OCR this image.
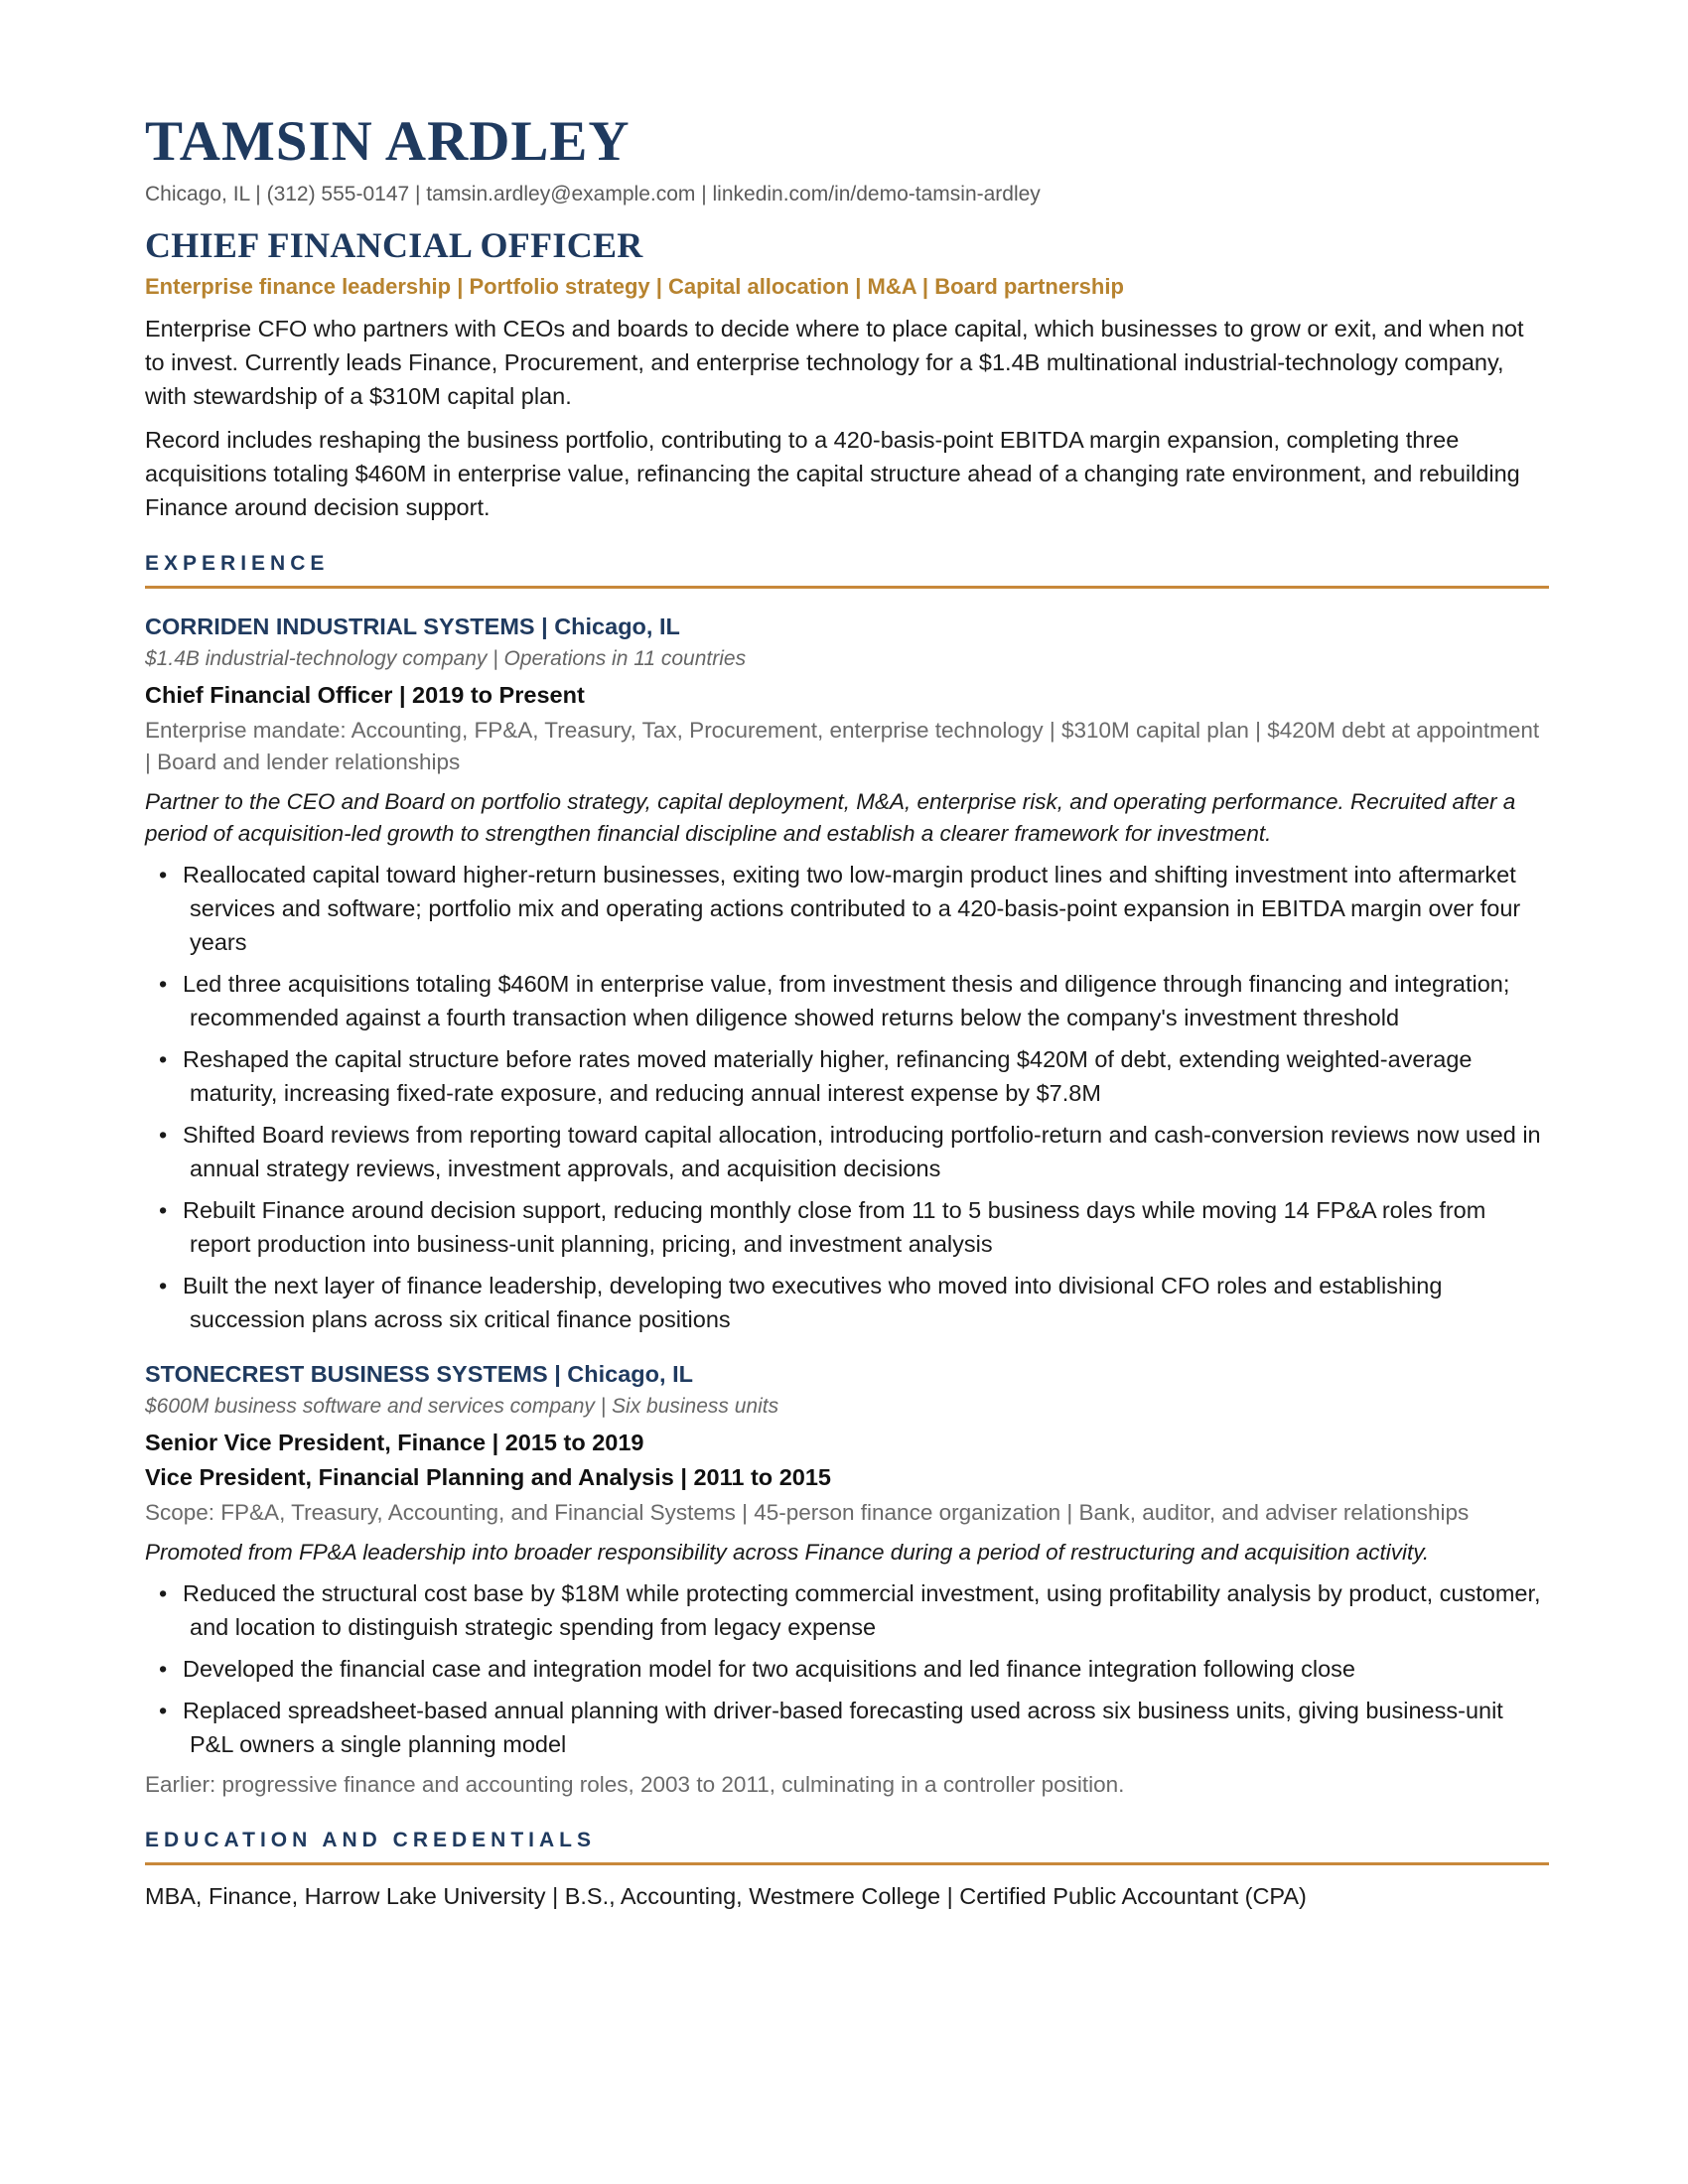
TAMSIN ARDLEY
Chicago, IL | (312) 555-0147 | tamsin.ardley@example.com | linkedin.com/in/demo-tamsin-ardley
CHIEF FINANCIAL OFFICER
Enterprise finance leadership | Portfolio strategy | Capital allocation | M&A | Board partnership

Enterprise CFO who partners with CEOs and boards to decide where to place capital, which businesses to grow or exit, and when not to invest. Currently leads Finance, Procurement, and enterprise technology for a $1.4B multinational industrial-technology company, with stewardship of a $310M capital plan.

Record includes reshaping the business portfolio, contributing to a 420-basis-point EBITDA margin expansion, completing three acquisitions totaling $460M in enterprise value, refinancing the capital structure ahead of a changing rate environment, and rebuilding Finance around decision support.

EXPERIENCE
CORRIDEN INDUSTRIAL SYSTEMS | Chicago, IL
$1.4B industrial-technology company | Operations in 11 countries
Chief Financial Officer | 2019 to Present
Enterprise mandate: Accounting, FP&A, Treasury, Tax, Procurement, enterprise technology | $310M capital plan | $420M debt at appointment | Board and lender relationships
Partner to the CEO and Board on portfolio strategy, capital deployment, M&A, enterprise risk, and operating performance. Recruited after a period of acquisition-led growth to strengthen financial discipline and establish a clearer framework for investment.
• Reallocated capital toward higher-return businesses, exiting two low-margin product lines and shifting investment into aftermarket services and software; portfolio mix and operating actions contributed to a 420-basis-point expansion in EBITDA margin over four years
• Led three acquisitions totaling $460M in enterprise value, from investment thesis and diligence through financing and integration; recommended against a fourth transaction when diligence showed returns below the company's investment threshold
• Reshaped the capital structure before rates moved materially higher, refinancing $420M of debt, extending weighted-average maturity, increasing fixed-rate exposure, and reducing annual interest expense by $7.8M
• Shifted Board reviews from reporting toward capital allocation, introducing portfolio-return and cash-conversion reviews now used in annual strategy reviews, investment approvals, and acquisition decisions
• Rebuilt Finance around decision support, reducing monthly close from 11 to 5 business days while moving 14 FP&A roles from report production into business-unit planning, pricing, and investment analysis
• Built the next layer of finance leadership, developing two executives who moved into divisional CFO roles and establishing succession plans across six critical finance positions
STONECREST BUSINESS SYSTEMS | Chicago, IL
$600M business software and services company | Six business units
Senior Vice President, Finance | 2015 to 2019
Vice President, Financial Planning and Analysis | 2011 to 2015
Scope: FP&A, Treasury, Accounting, and Financial Systems | 45-person finance organization | Bank, auditor, and adviser relationships
Promoted from FP&A leadership into broader responsibility across Finance during a period of restructuring and acquisition activity.
• Reduced the structural cost base by $18M while protecting commercial investment, using profitability analysis by product, customer, and location to distinguish strategic spending from legacy expense
• Developed the financial case and integration model for two acquisitions and led finance integration following close
• Replaced spreadsheet-based annual planning with driver-based forecasting used across six business units, giving business-unit P&L owners a single planning model
Earlier: progressive finance and accounting roles, 2003 to 2011, culminating in a controller position.
EDUCATION AND CREDENTIALS
MBA, Finance, Harrow Lake University | B.S., Accounting, Westmere College | Certified Public Accountant (CPA)
